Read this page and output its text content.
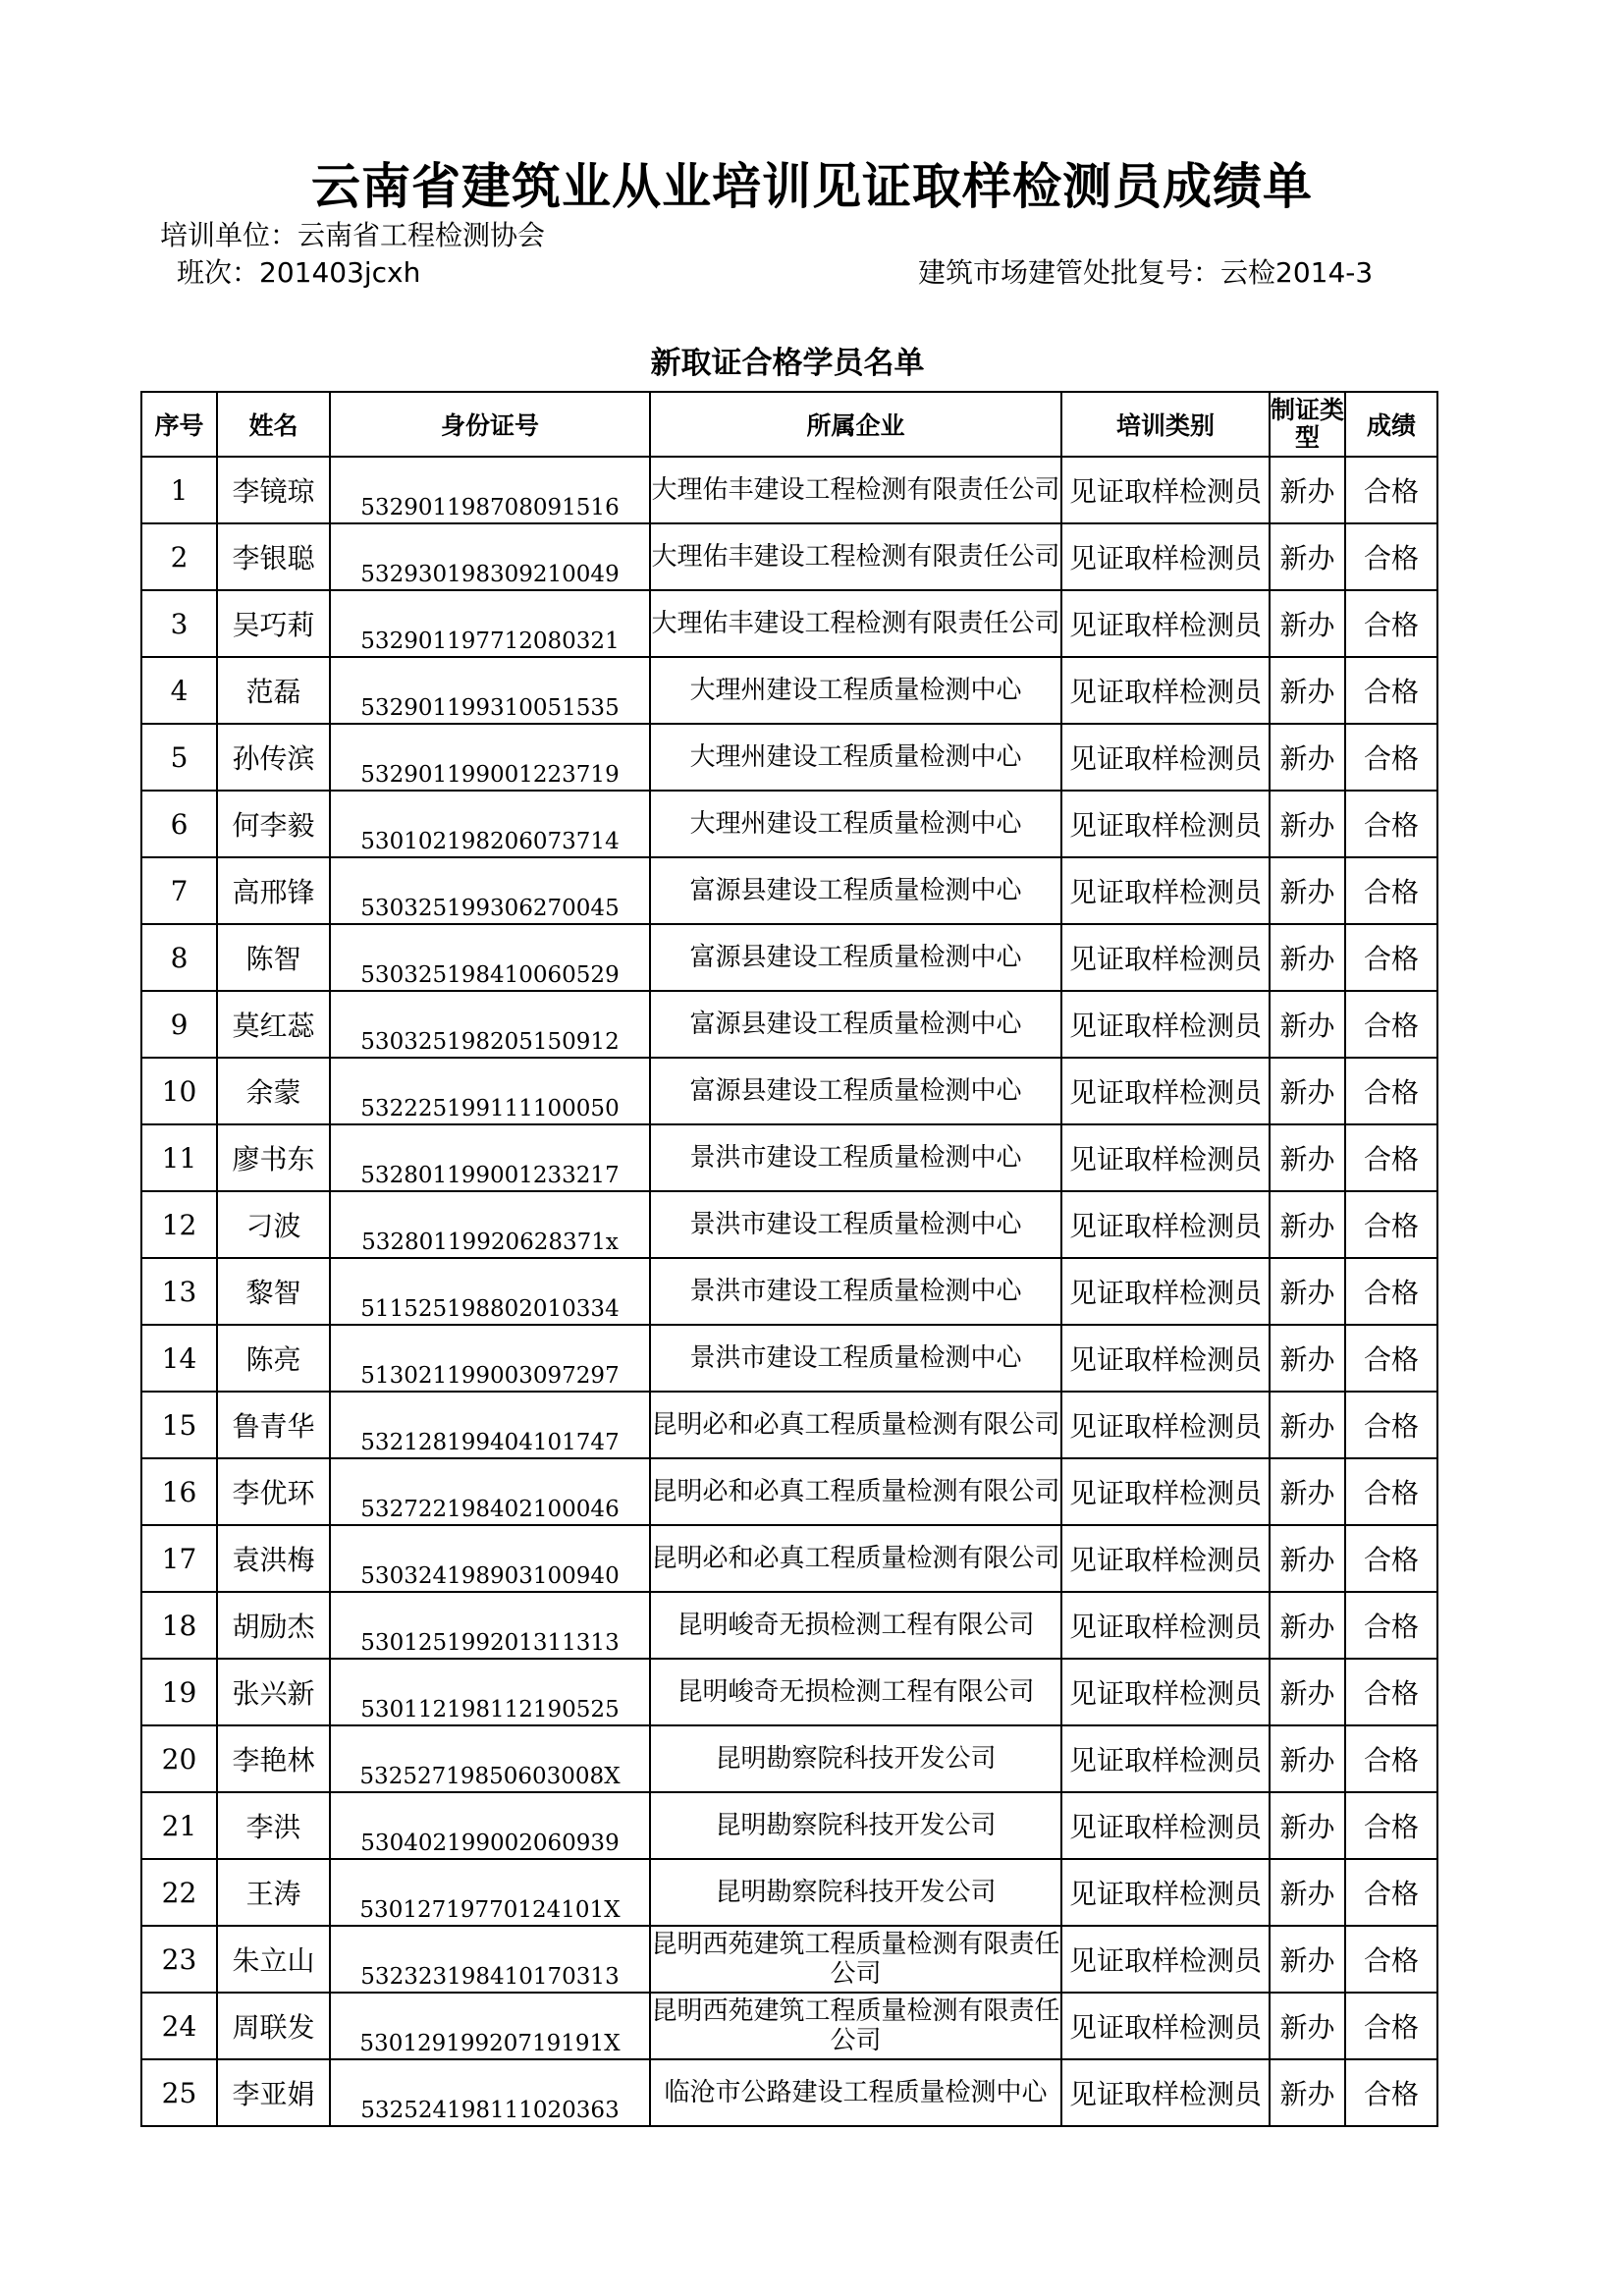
云南省建筑业从业培训见证取样检测员成绩单
培训单位：云南省工程检测协会
班次：201403jcxh	建筑市场建管处批复号：云检2014-3
新取证合格学员名单
序号	姓名	身份证号	所属企业	培训类别	制证类型	成绩
1	李镜琼	532901198708091516	大理佑丰建设工程检测有限责任公司	见证取样检测员	新办	合格
2	李银聪	532930198309210049	大理佑丰建设工程检测有限责任公司	见证取样检测员	新办	合格
3	吴巧莉	532901197712080321	大理佑丰建设工程检测有限责任公司	见证取样检测员	新办	合格
4	范磊	532901199310051535	大理州建设工程质量检测中心	见证取样检测员	新办	合格
5	孙传滨	532901199001223719	大理州建设工程质量检测中心	见证取样检测员	新办	合格
6	何李毅	530102198206073714	大理州建设工程质量检测中心	见证取样检测员	新办	合格
7	高邢锋	530325199306270045	富源县建设工程质量检测中心	见证取样检测员	新办	合格
8	陈智	530325198410060529	富源县建设工程质量检测中心	见证取样检测员	新办	合格
9	莫红蕊	530325198205150912	富源县建设工程质量检测中心	见证取样检测员	新办	合格
10	余蒙	532225199111100050	富源县建设工程质量检测中心	见证取样检测员	新办	合格
11	廖书东	532801199001233217	景洪市建设工程质量检测中心	见证取样检测员	新办	合格
12	刁波	53280119920628371x	景洪市建设工程质量检测中心	见证取样检测员	新办	合格
13	黎智	511525198802010334	景洪市建设工程质量检测中心	见证取样检测员	新办	合格
14	陈亮	513021199003097297	景洪市建设工程质量检测中心	见证取样检测员	新办	合格
15	鲁青华	532128199404101747	昆明必和必真工程质量检测有限公司	见证取样检测员	新办	合格
16	李优环	532722198402100046	昆明必和必真工程质量检测有限公司	见证取样检测员	新办	合格
17	袁洪梅	530324198903100940	昆明必和必真工程质量检测有限公司	见证取样检测员	新办	合格
18	胡励杰	530125199201311313	昆明峻奇无损检测工程有限公司	见证取样检测员	新办	合格
19	张兴新	530112198112190525	昆明峻奇无损检测工程有限公司	见证取样检测员	新办	合格
20	李艳林	53252719850603008X	昆明勘察院科技开发公司	见证取样检测员	新办	合格
21	李洪	530402199002060939	昆明勘察院科技开发公司	见证取样检测员	新办	合格
22	王涛	53012719770124101X	昆明勘察院科技开发公司	见证取样检测员	新办	合格
23	朱立山	532323198410170313	昆明西苑建筑工程质量检测有限责任公司	见证取样检测员	新办	合格
24	周联发	53012919920719191X	昆明西苑建筑工程质量检测有限责任公司	见证取样检测员	新办	合格
25	李亚娟	532524198111020363	临沧市公路建设工程质量检测中心	见证取样检测员	新办	合格
